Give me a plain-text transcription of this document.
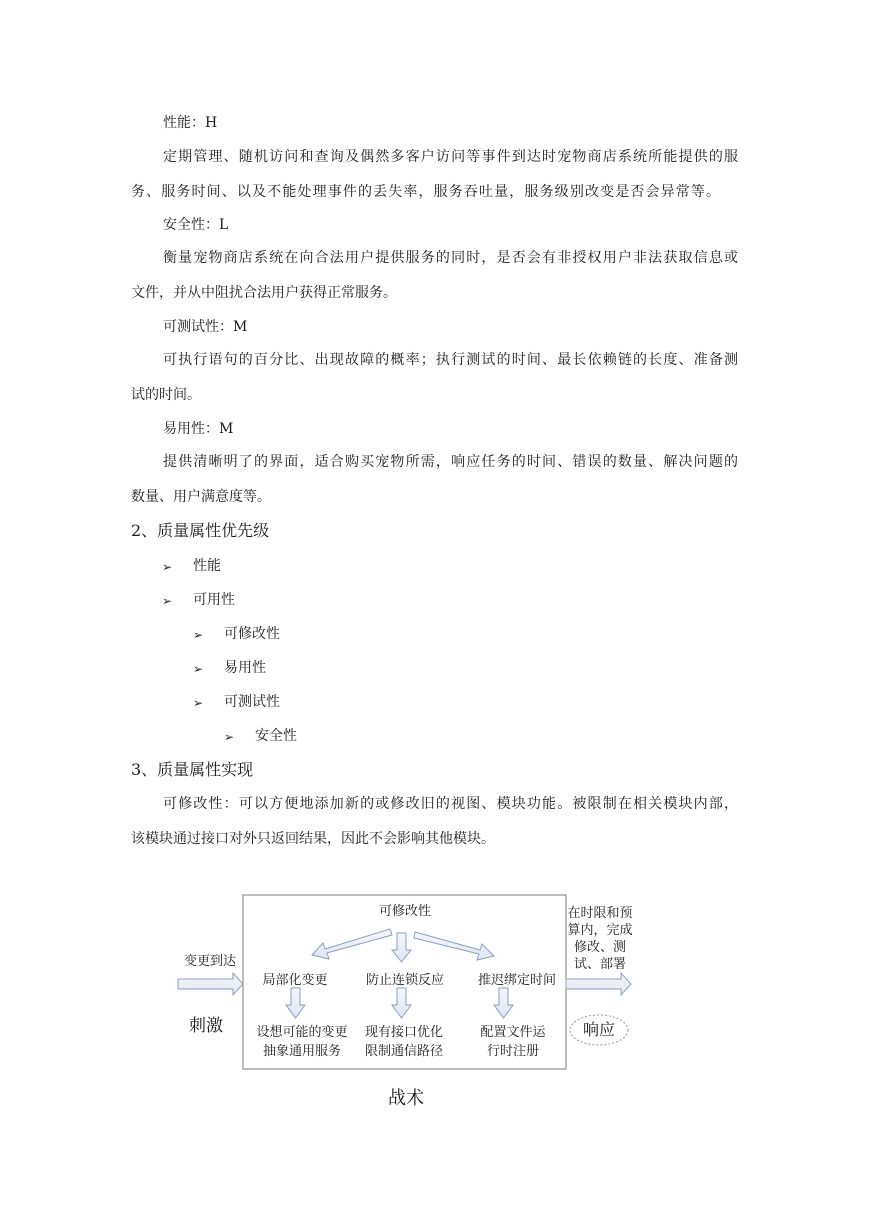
性能：H
定期管理、随机访问和查询及偶然多客户访问等事件到达时宠物商店系统所能提供的服
务、服务时间、以及不能处理事件的丢失率，服务吞吐量，服务级别改变是否会异常等。
安全性：L
衡量宠物商店系统在向合法用户提供服务的同时，是否会有非授权用户非法获取信息或
文件，并从中阻扰合法用户获得正常服务。
可测试性：M
可执行语句的百分比、出现故障的概率；执行测试的时间、最长依赖链的长度、准备测
试的时间。
易用性：M
提供清晰明了的界面，适合购买宠物所需，响应任务的时间、错误的数量、解决问题的
数量、用户满意度等。
2、质量属性优先级
➢ 性能
➢ 可用性
➢ 可修改性
➢ 易用性
➢ 可测试性
➢ 安全性
3、质量属性实现
可修改性：可以方便地添加新的或修改旧的视图、模块功能。被限制在相关模块内部，
该模块通过接口对外只返回结果，因此不会影响其他模块。
可修改性
局部化变更	防止连锁反应	推迟绑定时间
设想可能的变更
抽象通用服务
现有接口优化
限制通信路径
配置文件运
行时注册
变更到达
刺激
在时限和预
算内，完成
修改、测
试、部署
响应
战术
